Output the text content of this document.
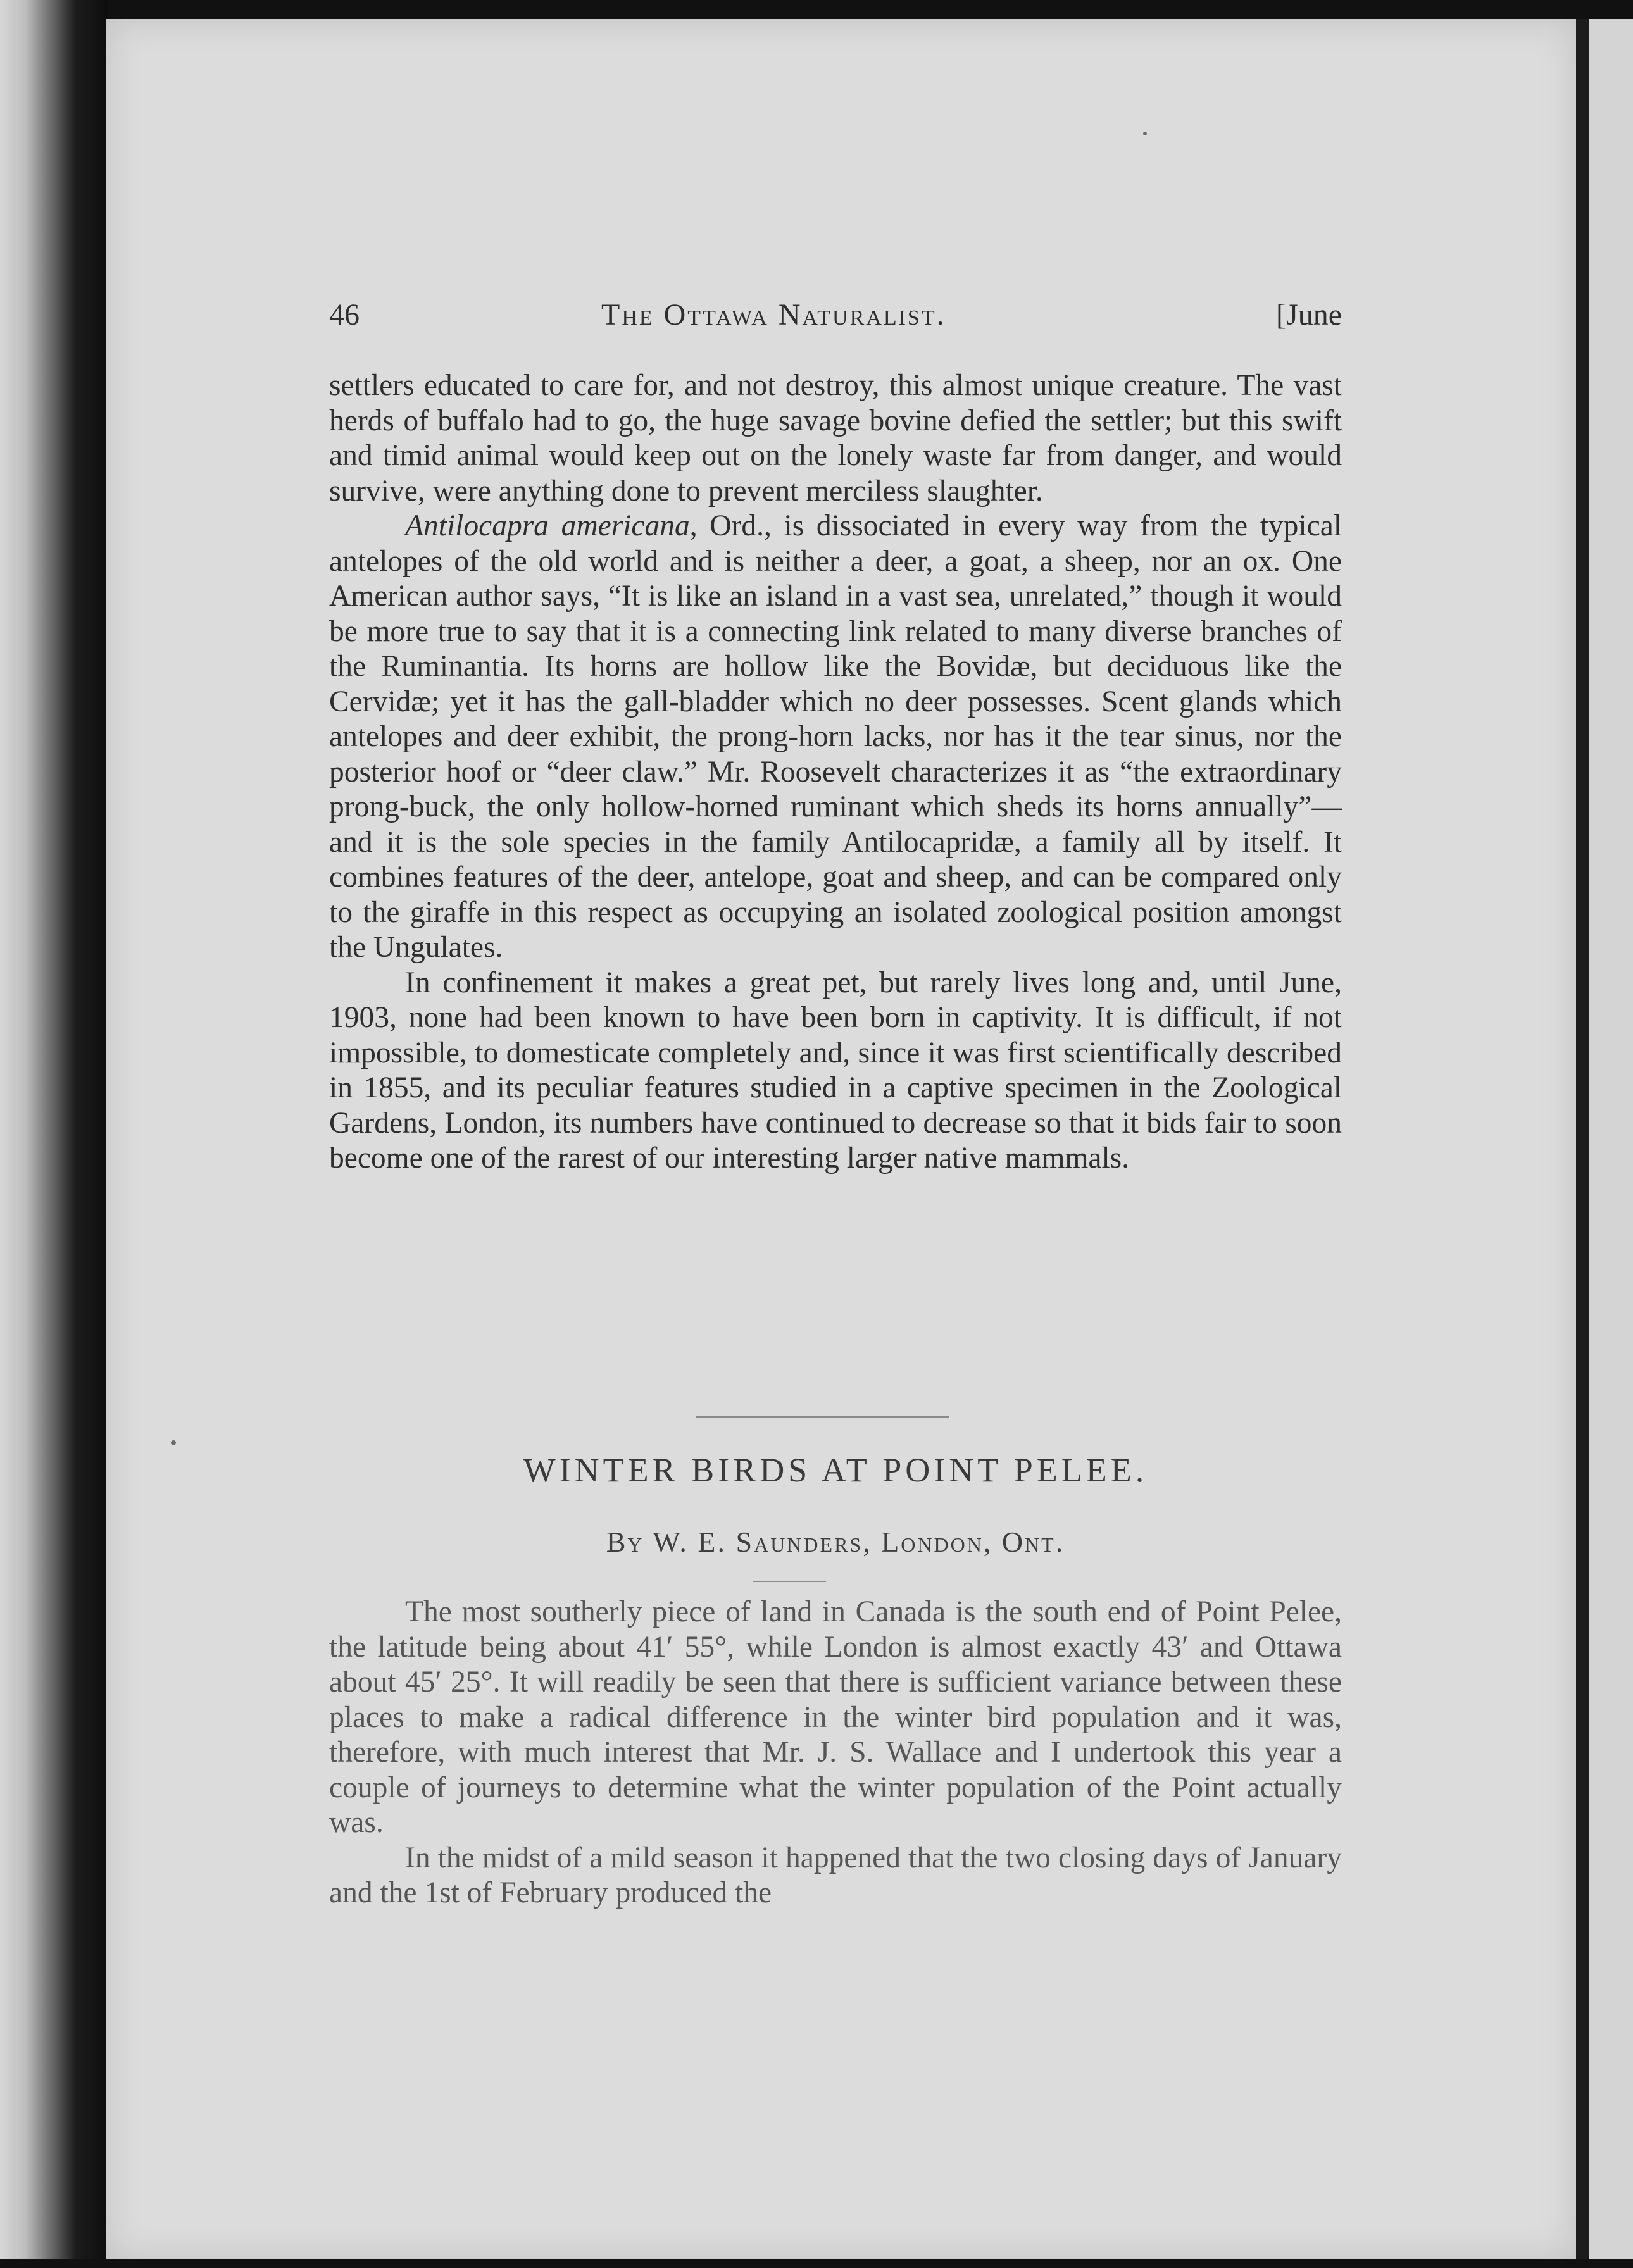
46	The Ottawa Naturalist.	[June

settlers educated to care for, and not destroy, this almost unique creature. The vast herds of buffalo had to go, the huge savage bovine defied the settler; but this swift and timid animal would keep out on the lonely waste far from danger, and would survive, were anything done to prevent merciless slaughter.

Antilocapra americana, Ord., is dissociated in every way from the typical antelopes of the old world and is neither a deer, a goat, a sheep, nor an ox. One American author says, “It is like an island in a vast sea, unrelated,” though it would be more true to say that it is a connecting link related to many diverse branches of the Ruminantia. Its horns are hollow like the Bovidæ, but deciduous like the Cervidæ; yet it has the gall-bladder which no deer possesses. Scent glands which antelopes and deer exhibit, the prong-horn lacks, nor has it the tear sinus, nor the posterior hoof or “deer claw.” Mr. Roosevelt characterizes it as “the extraordinary prong-buck, the only hollow-horned ruminant which sheds its horns annually”—and it is the sole species in the family Antilocapridæ, a family all by itself. It combines features of the deer, antelope, goat and sheep, and can be compared only to the giraffe in this respect as occupying an isolated zoological position amongst the Ungulates.

In confinement it makes a great pet, but rarely lives long and, until June, 1903, none had been known to have been born in captivity. It is difficult, if not impossible, to domesticate completely and, since it was first scientifically described in 1855, and its peculiar features studied in a captive specimen in the Zoological Gardens, London, its numbers have continued to decrease so that it bids fair to soon become one of the rarest of our interesting larger native mammals.

WINTER BIRDS AT POINT PELEE.
By W. E. Saunders, London, Ont.

The most southerly piece of land in Canada is the south end of Point Pelee, the latitude being about 41′ 55°, while London is almost exactly 43′ and Ottawa about 45′ 25°. It will readily be seen that there is sufficient variance between these places to make a radical difference in the winter bird population and it was, therefore, with much interest that Mr. J. S. Wallace and I undertook this year a couple of journeys to determine what the winter population of the Point actually was.

In the midst of a mild season it happened that the two closing days of January and the 1st of February produced the
